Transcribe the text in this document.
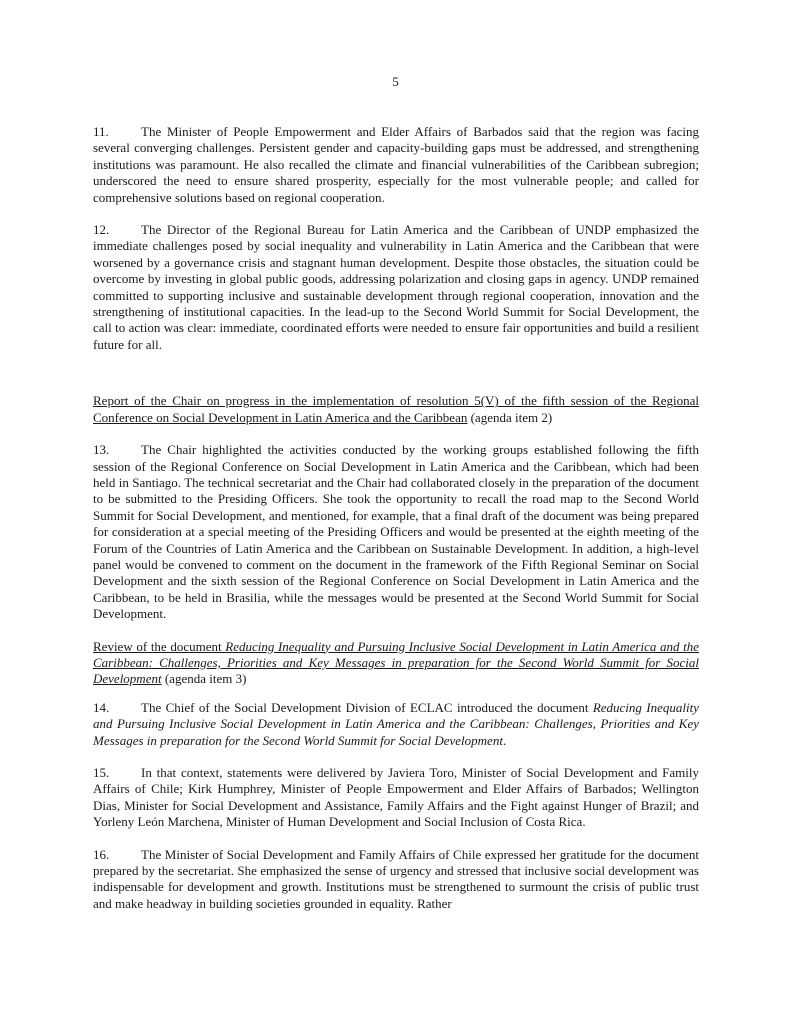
5

11. The Minister of People Empowerment and Elder Affairs of Barbados said that the region was facing several converging challenges. Persistent gender and capacity-building gaps must be addressed, and strengthening institutions was paramount. He also recalled the climate and financial vulnerabilities of the Caribbean subregion; underscored the need to ensure shared prosperity, especially for the most vulnerable people; and called for comprehensive solutions based on regional cooperation.

12. The Director of the Regional Bureau for Latin America and the Caribbean of UNDP emphasized the immediate challenges posed by social inequality and vulnerability in Latin America and the Caribbean that were worsened by a governance crisis and stagnant human development. Despite those obstacles, the situation could be overcome by investing in global public goods, addressing polarization and closing gaps in agency. UNDP remained committed to supporting inclusive and sustainable development through regional cooperation, innovation and the strengthening of institutional capacities. In the lead-up to the Second World Summit for Social Development, the call to action was clear: immediate, coordinated efforts were needed to ensure fair opportunities and build a resilient future for all.

Report of the Chair on progress in the implementation of resolution 5(V) of the fifth session of the Regional Conference on Social Development in Latin America and the Caribbean (agenda item 2)

13. The Chair highlighted the activities conducted by the working groups established following the fifth session of the Regional Conference on Social Development in Latin America and the Caribbean, which had been held in Santiago. The technical secretariat and the Chair had collaborated closely in the preparation of the document to be submitted to the Presiding Officers. She took the opportunity to recall the road map to the Second World Summit for Social Development, and mentioned, for example, that a final draft of the document was being prepared for consideration at a special meeting of the Presiding Officers and would be presented at the eighth meeting of the Forum of the Countries of Latin America and the Caribbean on Sustainable Development. In addition, a high-level panel would be convened to comment on the document in the framework of the Fifth Regional Seminar on Social Development and the sixth session of the Regional Conference on Social Development in Latin America and the Caribbean, to be held in Brasilia, while the messages would be presented at the Second World Summit for Social Development.

Review of the document Reducing Inequality and Pursuing Inclusive Social Development in Latin America and the Caribbean: Challenges, Priorities and Key Messages in preparation for the Second World Summit for Social Development (agenda item 3)

14. The Chief of the Social Development Division of ECLAC introduced the document Reducing Inequality and Pursuing Inclusive Social Development in Latin America and the Caribbean: Challenges, Priorities and Key Messages in preparation for the Second World Summit for Social Development.

15. In that context, statements were delivered by Javiera Toro, Minister of Social Development and Family Affairs of Chile; Kirk Humphrey, Minister of People Empowerment and Elder Affairs of Barbados; Wellington Dias, Minister for Social Development and Assistance, Family Affairs and the Fight against Hunger of Brazil; and Yorleny León Marchena, Minister of Human Development and Social Inclusion of Costa Rica.

16. The Minister of Social Development and Family Affairs of Chile expressed her gratitude for the document prepared by the secretariat. She emphasized the sense of urgency and stressed that inclusive social development was indispensable for development and growth. Institutions must be strengthened to surmount the crisis of public trust and make headway in building societies grounded in equality. Rather
